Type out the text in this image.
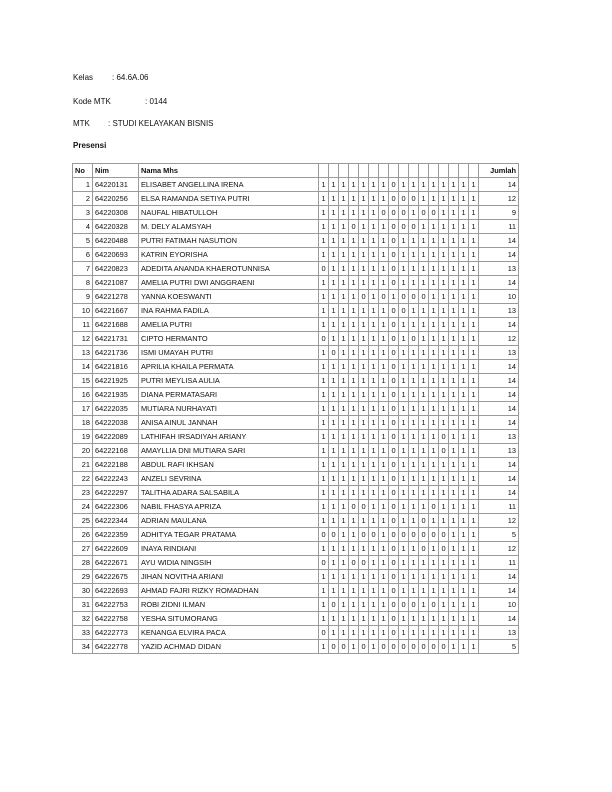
Kelas : 64.6A.06
Kode MTK	: 0144
MTK : STUDI KELAYAKAN BISNIS
Presensi
No	Nim	Nama Mhs																	Jumlah
1	64220131	ELISABET ANGELLINA IRENA	1	1	1	1	1	1	1	0	1	1	1	1	1	1	1	1	14
2	64220256	ELSA RAMANDA SETIYA PUTRI	1	1	1	1	1	1	1	0	0	0	1	1	1	1	1	1	12
3	64220308	NAUFAL HIBATULLOH	1	1	1	1	1	1	0	0	0	1	0	0	1	1	1	1	9
4	64220328	M. DELY ALAMSYAH	1	1	1	0	1	1	1	0	0	0	1	1	1	1	1	1	11
5	64220488	PUTRI FATIMAH NASUTION	1	1	1	1	1	1	1	0	1	1	1	1	1	1	1	1	14
6	64220693	KATRIN EYORISHA	1	1	1	1	1	1	1	0	1	1	1	1	1	1	1	1	14
7	64220823	ADEDITA ANANDA KHAEROTUNNISA	0	1	1	1	1	1	1	0	1	1	1	1	1	1	1	1	13
8	64221087	AMELIA PUTRI DWI ANGGRAENI	1	1	1	1	1	1	1	0	1	1	1	1	1	1	1	1	14
9	64221278	YANNA KOESWANTI	1	1	1	1	0	1	0	1	0	0	0	1	1	1	1	1	10
10	64221667	INA RAHMA FADILA	1	1	1	1	1	1	1	0	0	1	1	1	1	1	1	1	13
11	64221688	AMELIA PUTRI	1	1	1	1	1	1	1	0	1	1	1	1	1	1	1	1	14
12	64221731	CIPTO HERMANTO	0	1	1	1	1	1	1	0	1	0	1	1	1	1	1	1	12
13	64221736	ISMI UMAYAH PUTRI	1	0	1	1	1	1	1	0	1	1	1	1	1	1	1	1	13
14	64221816	APRILIA KHAILA PERMATA	1	1	1	1	1	1	1	0	1	1	1	1	1	1	1	1	14
15	64221925	PUTRI MEYLISA AULIA	1	1	1	1	1	1	1	0	1	1	1	1	1	1	1	1	14
16	64221935	DIANA PERMATASARI	1	1	1	1	1	1	1	0	1	1	1	1	1	1	1	1	14
17	64222035	MUTIARA NURHAYATI	1	1	1	1	1	1	1	0	1	1	1	1	1	1	1	1	14
18	64222038	ANISA AINUL JANNAH	1	1	1	1	1	1	1	0	1	1	1	1	1	1	1	1	14
19	64222089	LATHIFAH IRSADIYAH ARIANY	1	1	1	1	1	1	1	0	1	1	1	1	0	1	1	1	13
20	64222168	AMAYLLIA DNI MUTIARA SARI	1	1	1	1	1	1	1	0	1	1	1	1	0	1	1	1	13
21	64222188	ABDUL RAFI IKHSAN	1	1	1	1	1	1	1	0	1	1	1	1	1	1	1	1	14
22	64222243	ANZELI SEVRINA	1	1	1	1	1	1	1	0	1	1	1	1	1	1	1	1	14
23	64222297	TALITHA ADARA SALSABILA	1	1	1	1	1	1	1	0	1	1	1	1	1	1	1	1	14
24	64222306	NABIL FHASYA APRIZA	1	1	1	0	0	1	1	0	1	1	1	0	1	1	1	1	11
25	64222344	ADRIAN MAULANA	1	1	1	1	1	1	1	0	1	1	0	1	1	1	1	1	12
26	64222359	ADHITYA TEGAR PRATAMA	0	0	1	1	0	0	1	0	0	0	0	0	0	1	1	1	5
27	64222609	INAYA RINDIANI	1	1	1	1	1	1	1	0	1	1	0	1	0	1	1	1	12
28	64222671	AYU WIDIA NINGSIH	0	1	1	0	0	1	1	0	1	1	1	1	1	1	1	1	11
29	64222675	JIHAN NOVITHA ARIANI	1	1	1	1	1	1	1	0	1	1	1	1	1	1	1	1	14
30	64222693	AHMAD FAJRI RIZKY ROMADHAN	1	1	1	1	1	1	1	0	1	1	1	1	1	1	1	1	14
31	64222753	ROBI ZIDNI ILMAN	1	0	1	1	1	1	1	0	0	0	1	0	1	1	1	1	10
32	64222758	YESHA SITUMORANG	1	1	1	1	1	1	1	0	1	1	1	1	1	1	1	1	14
33	64222773	KENANGA ELVIRA PACA	0	1	1	1	1	1	1	0	1	1	1	1	1	1	1	1	13
34	64222778	YAZID ACHMAD DIDAN	1	0	0	1	0	1	0	0	0	0	0	0	0	1	1	1	5
